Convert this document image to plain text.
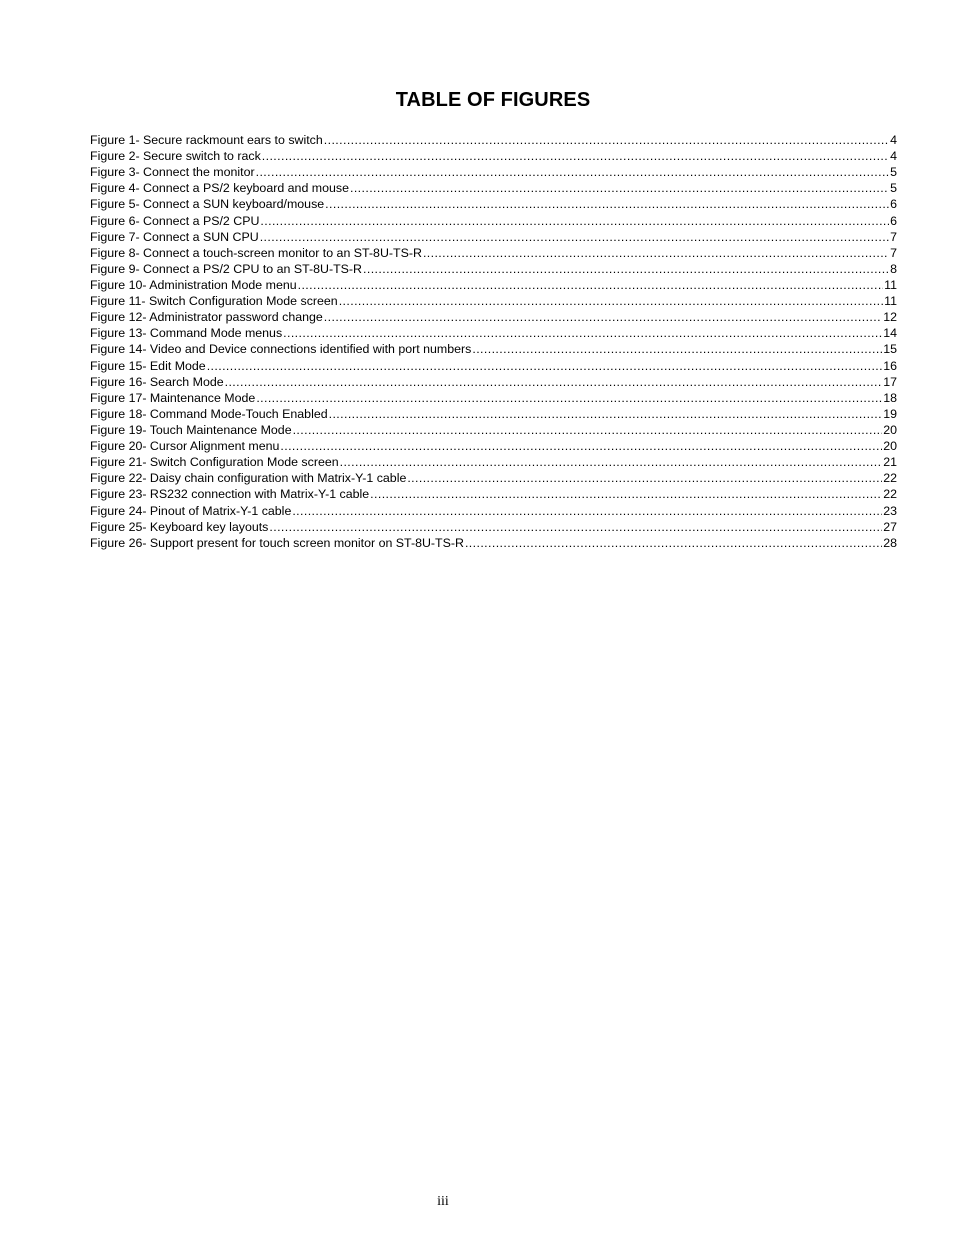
TABLE OF FIGURES
Figure 1- Secure rackmount ears to switch .....	4
Figure 2- Secure switch to rack .....	4
Figure 3- Connect the monitor .....	5
Figure 4- Connect a PS/2 keyboard and mouse .....	5
Figure 5- Connect a SUN keyboard/mouse .....	6
Figure 6- Connect a PS/2 CPU .....	6
Figure 7- Connect a SUN CPU .....	7
Figure 8- Connect a touch-screen monitor to an ST-8U-TS-R .....	7
Figure 9- Connect a PS/2 CPU to an ST-8U-TS-R .....	8
Figure 10- Administration Mode menu .....	11
Figure 11- Switch Configuration Mode screen .....	11
Figure 12- Administrator password change .....	12
Figure 13- Command Mode menus .....	14
Figure 14- Video and Device connections identified with port numbers .....	15
Figure 15- Edit Mode .....	16
Figure 16- Search Mode .....	17
Figure 17- Maintenance Mode .....	18
Figure 18- Command Mode-Touch Enabled .....	19
Figure 19- Touch Maintenance Mode .....	20
Figure 20- Cursor Alignment menu .....	20
Figure 21- Switch Configuration Mode screen .....	21
Figure 22- Daisy chain configuration with Matrix-Y-1 cable .....	22
Figure 23- RS232 connection with Matrix-Y-1 cable .....	22
Figure 24- Pinout of Matrix-Y-1 cable .....	23
Figure 25- Keyboard key layouts .....	27
Figure 26- Support present for touch screen monitor on ST-8U-TS-R .....	28
iii
